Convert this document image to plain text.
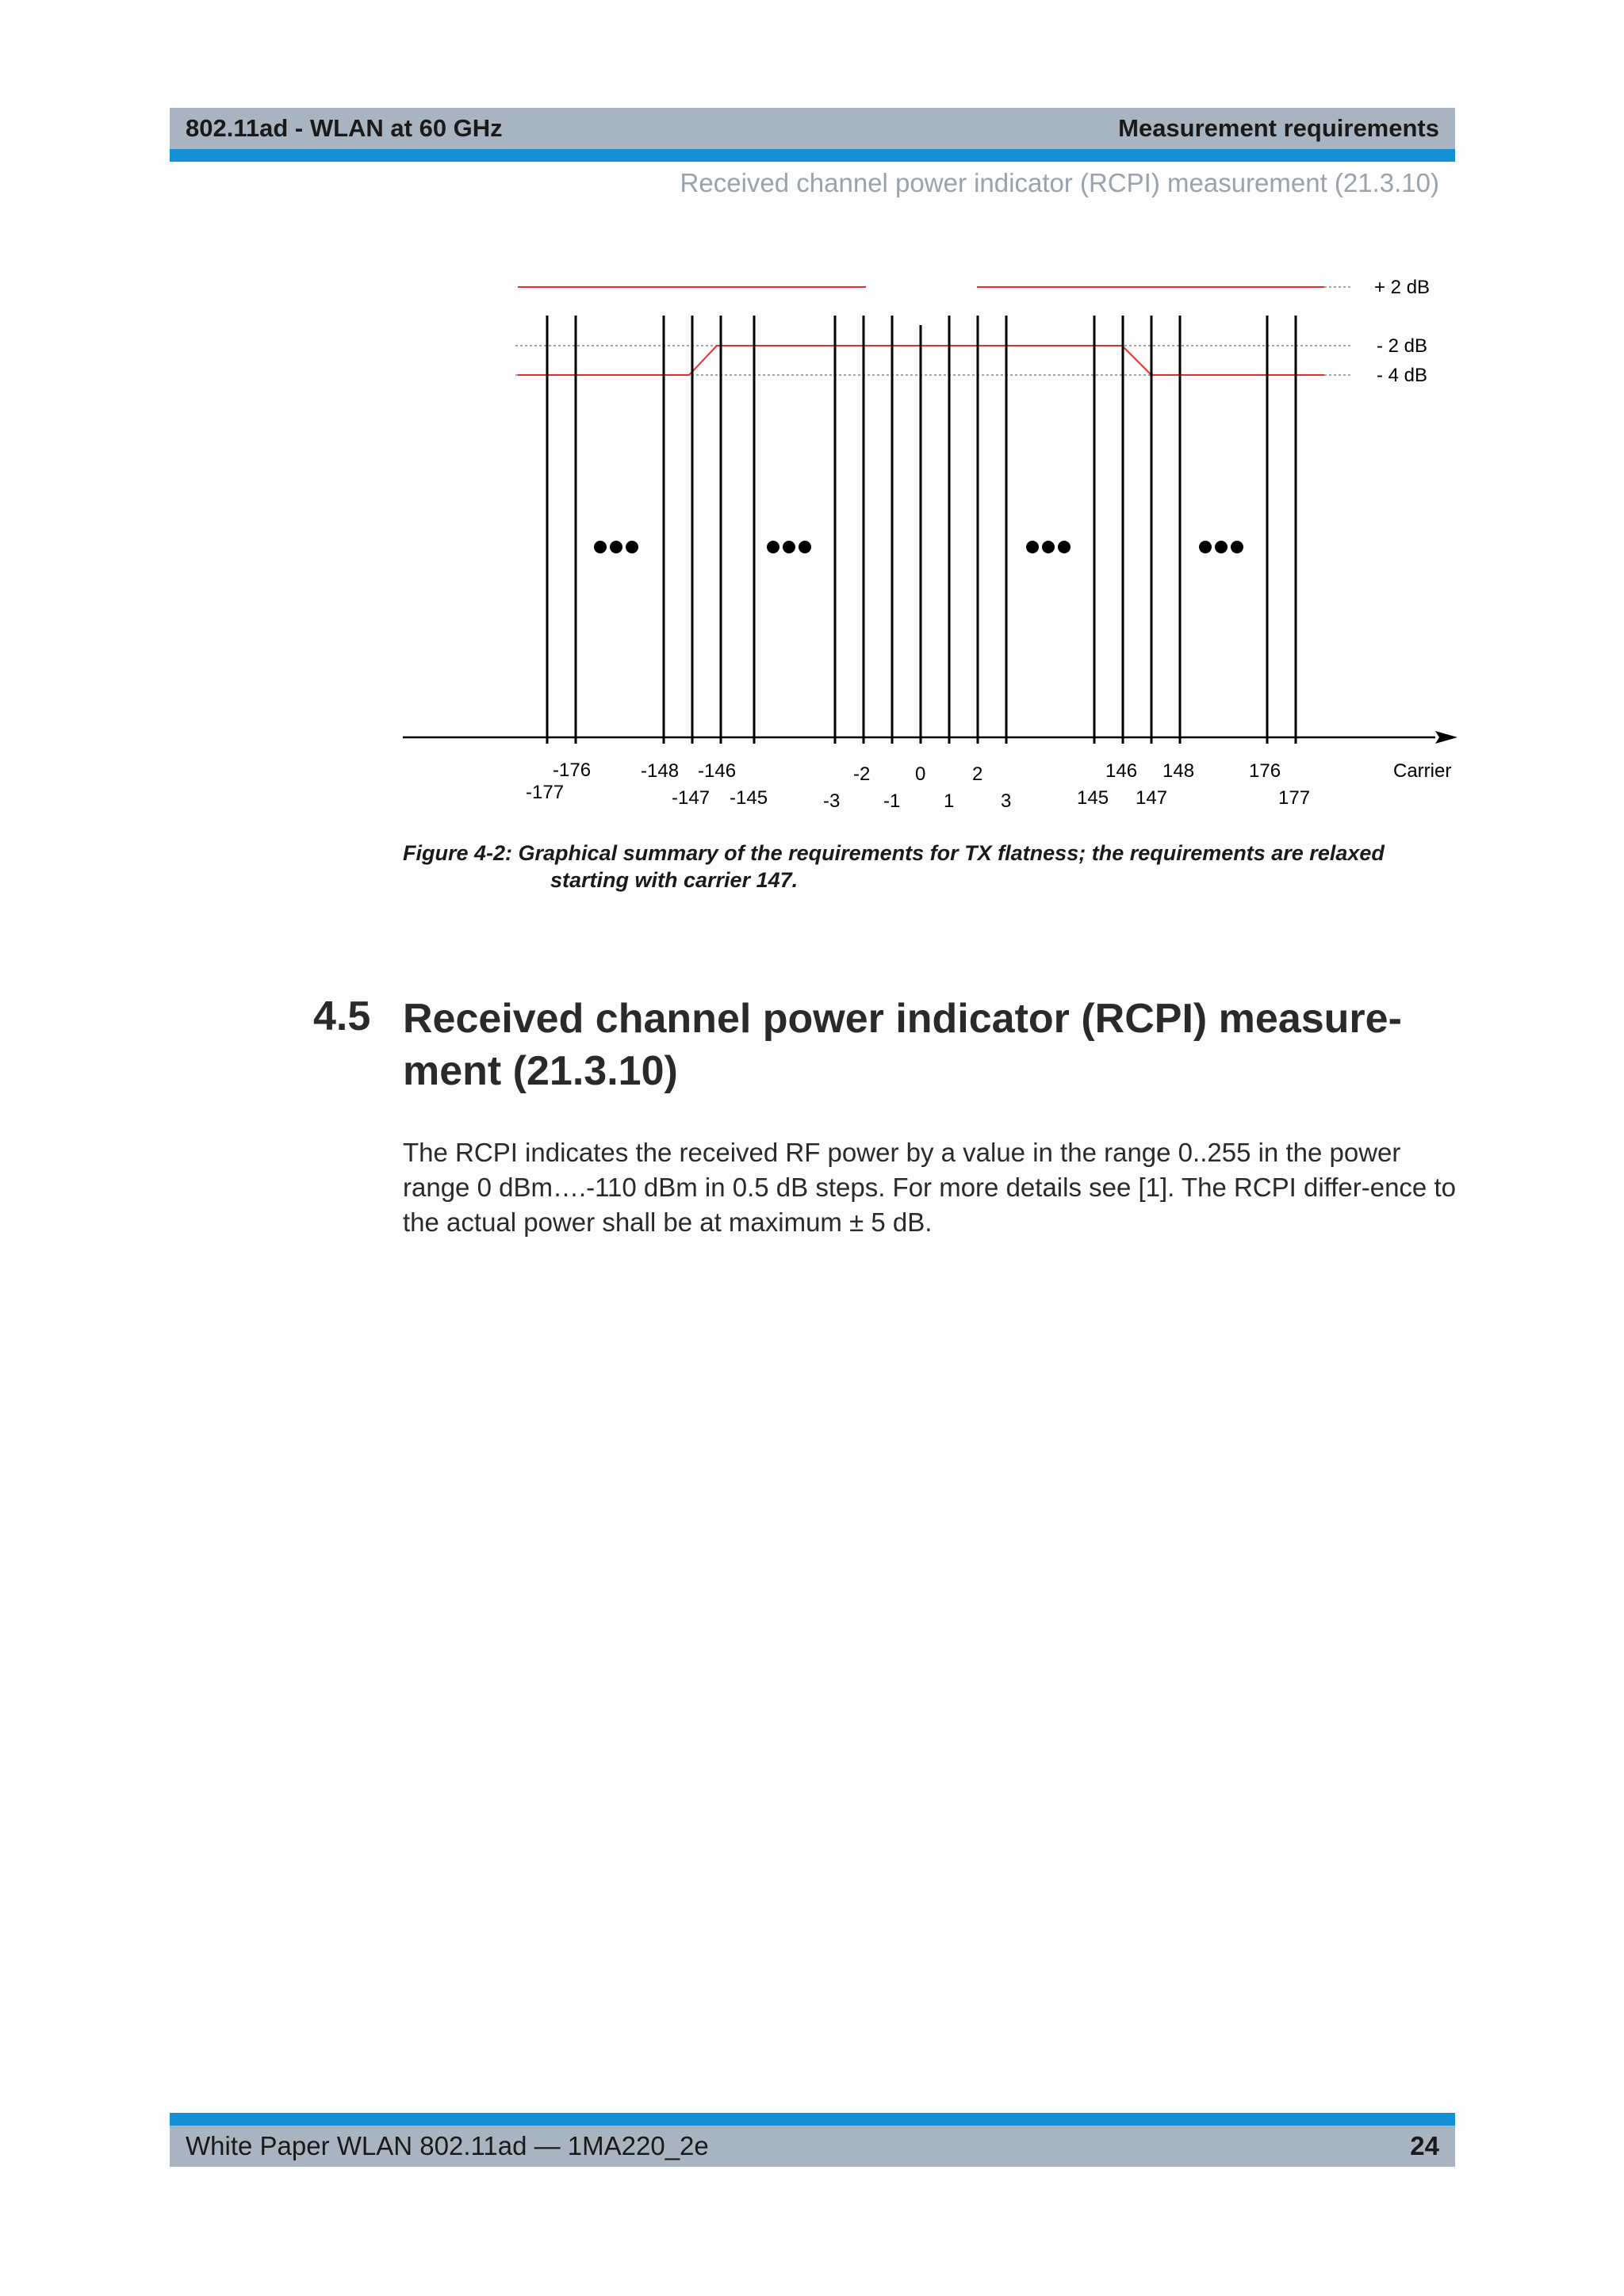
802.11ad - WLAN at 60 GHz	Measurement requirements
Received channel power indicator (RCPI) measurement (21.3.10)
+ 2 dB
- 2 dB
- 4 dB
-177
-176	-148
-147
-146
-145	-3
-2
-1
0
1
2
3	145
146
147
148	176
177
Carrier
Figure 4-2: Graphical summary of the requirements for TX flatness; the requirements are relaxed
starting with carrier 147.
4.5 Received channel power indicator (RCPI) measure-ment (21.3.10)
The RCPI indicates the received RF power by a value in the range 0..255 in the power range 0 dBm….-110 dBm in 0.5 dB steps. For more details see [1]. The RCPI differ-ence to the actual power shall be at maximum ± 5 dB.
White Paper WLAN 802.11ad — 1MA220_2e	24
